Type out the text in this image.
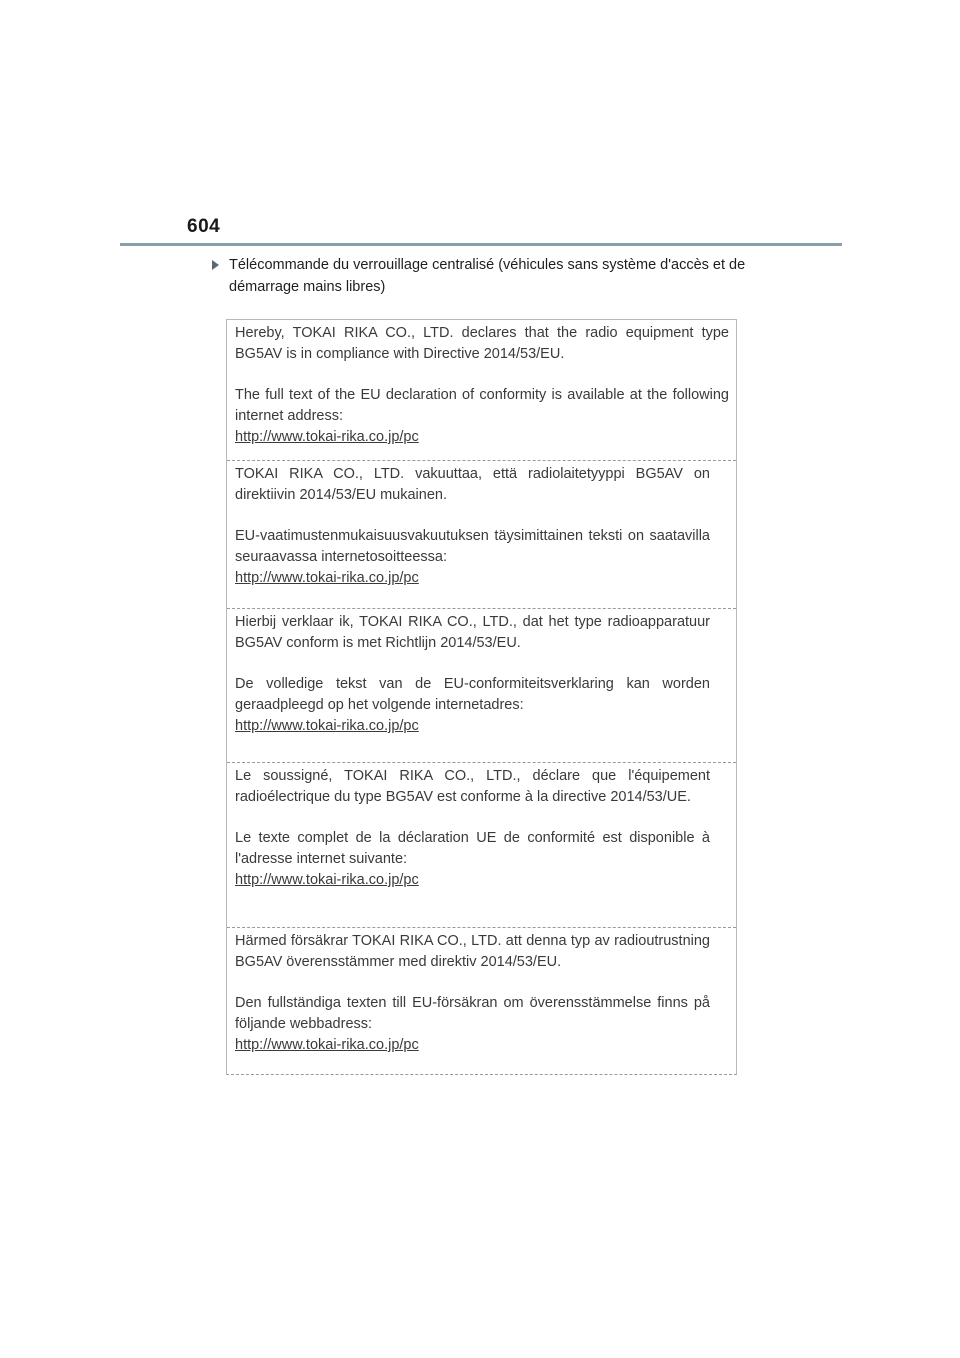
604
Télécommande du verrouillage centralisé (véhicules sans système d'accès et de
démarrage mains libres)

Hereby, TOKAI RIKA CO., LTD. declares that the radio equipment type BG5AV is in compliance with Directive 2014/53/EU.

The full text of the EU declaration of conformity is available at the following internet address:

http://www.tokai-rika.co.jp/pc

TOKAI RIKA CO., LTD. vakuuttaa, että radiolaitetyyppi BG5AV on direktiivin 2014/53/EU mukainen.

EU-vaatimustenmukaisuusvakuutuksen täysimittainen teksti on saatavilla seuraavassa internetosoitteessa:

http://www.tokai-rika.co.jp/pc

Hierbij verklaar ik, TOKAI RIKA CO., LTD., dat het type radioapparatuur BG5AV conform is met Richtlijn 2014/53/EU.

De volledige tekst van de EU-conformiteitsverklaring kan worden geraadpleegd op het volgende internetadres:

http://www.tokai-rika.co.jp/pc

Le soussigné, TOKAI RIKA CO., LTD., déclare que l'équipement radioélectrique du type BG5AV est conforme à la directive 2014/53/UE.

Le texte complet de la déclaration UE de conformité est disponible à l'adresse internet suivante:

http://www.tokai-rika.co.jp/pc

Härmed försäkrar TOKAI RIKA CO., LTD. att denna typ av radioutrustning BG5AV överensstämmer med direktiv 2014/53/EU.

Den fullständiga texten till EU-försäkran om överensstämmelse finns på följande webbadress:

http://www.tokai-rika.co.jp/pc
